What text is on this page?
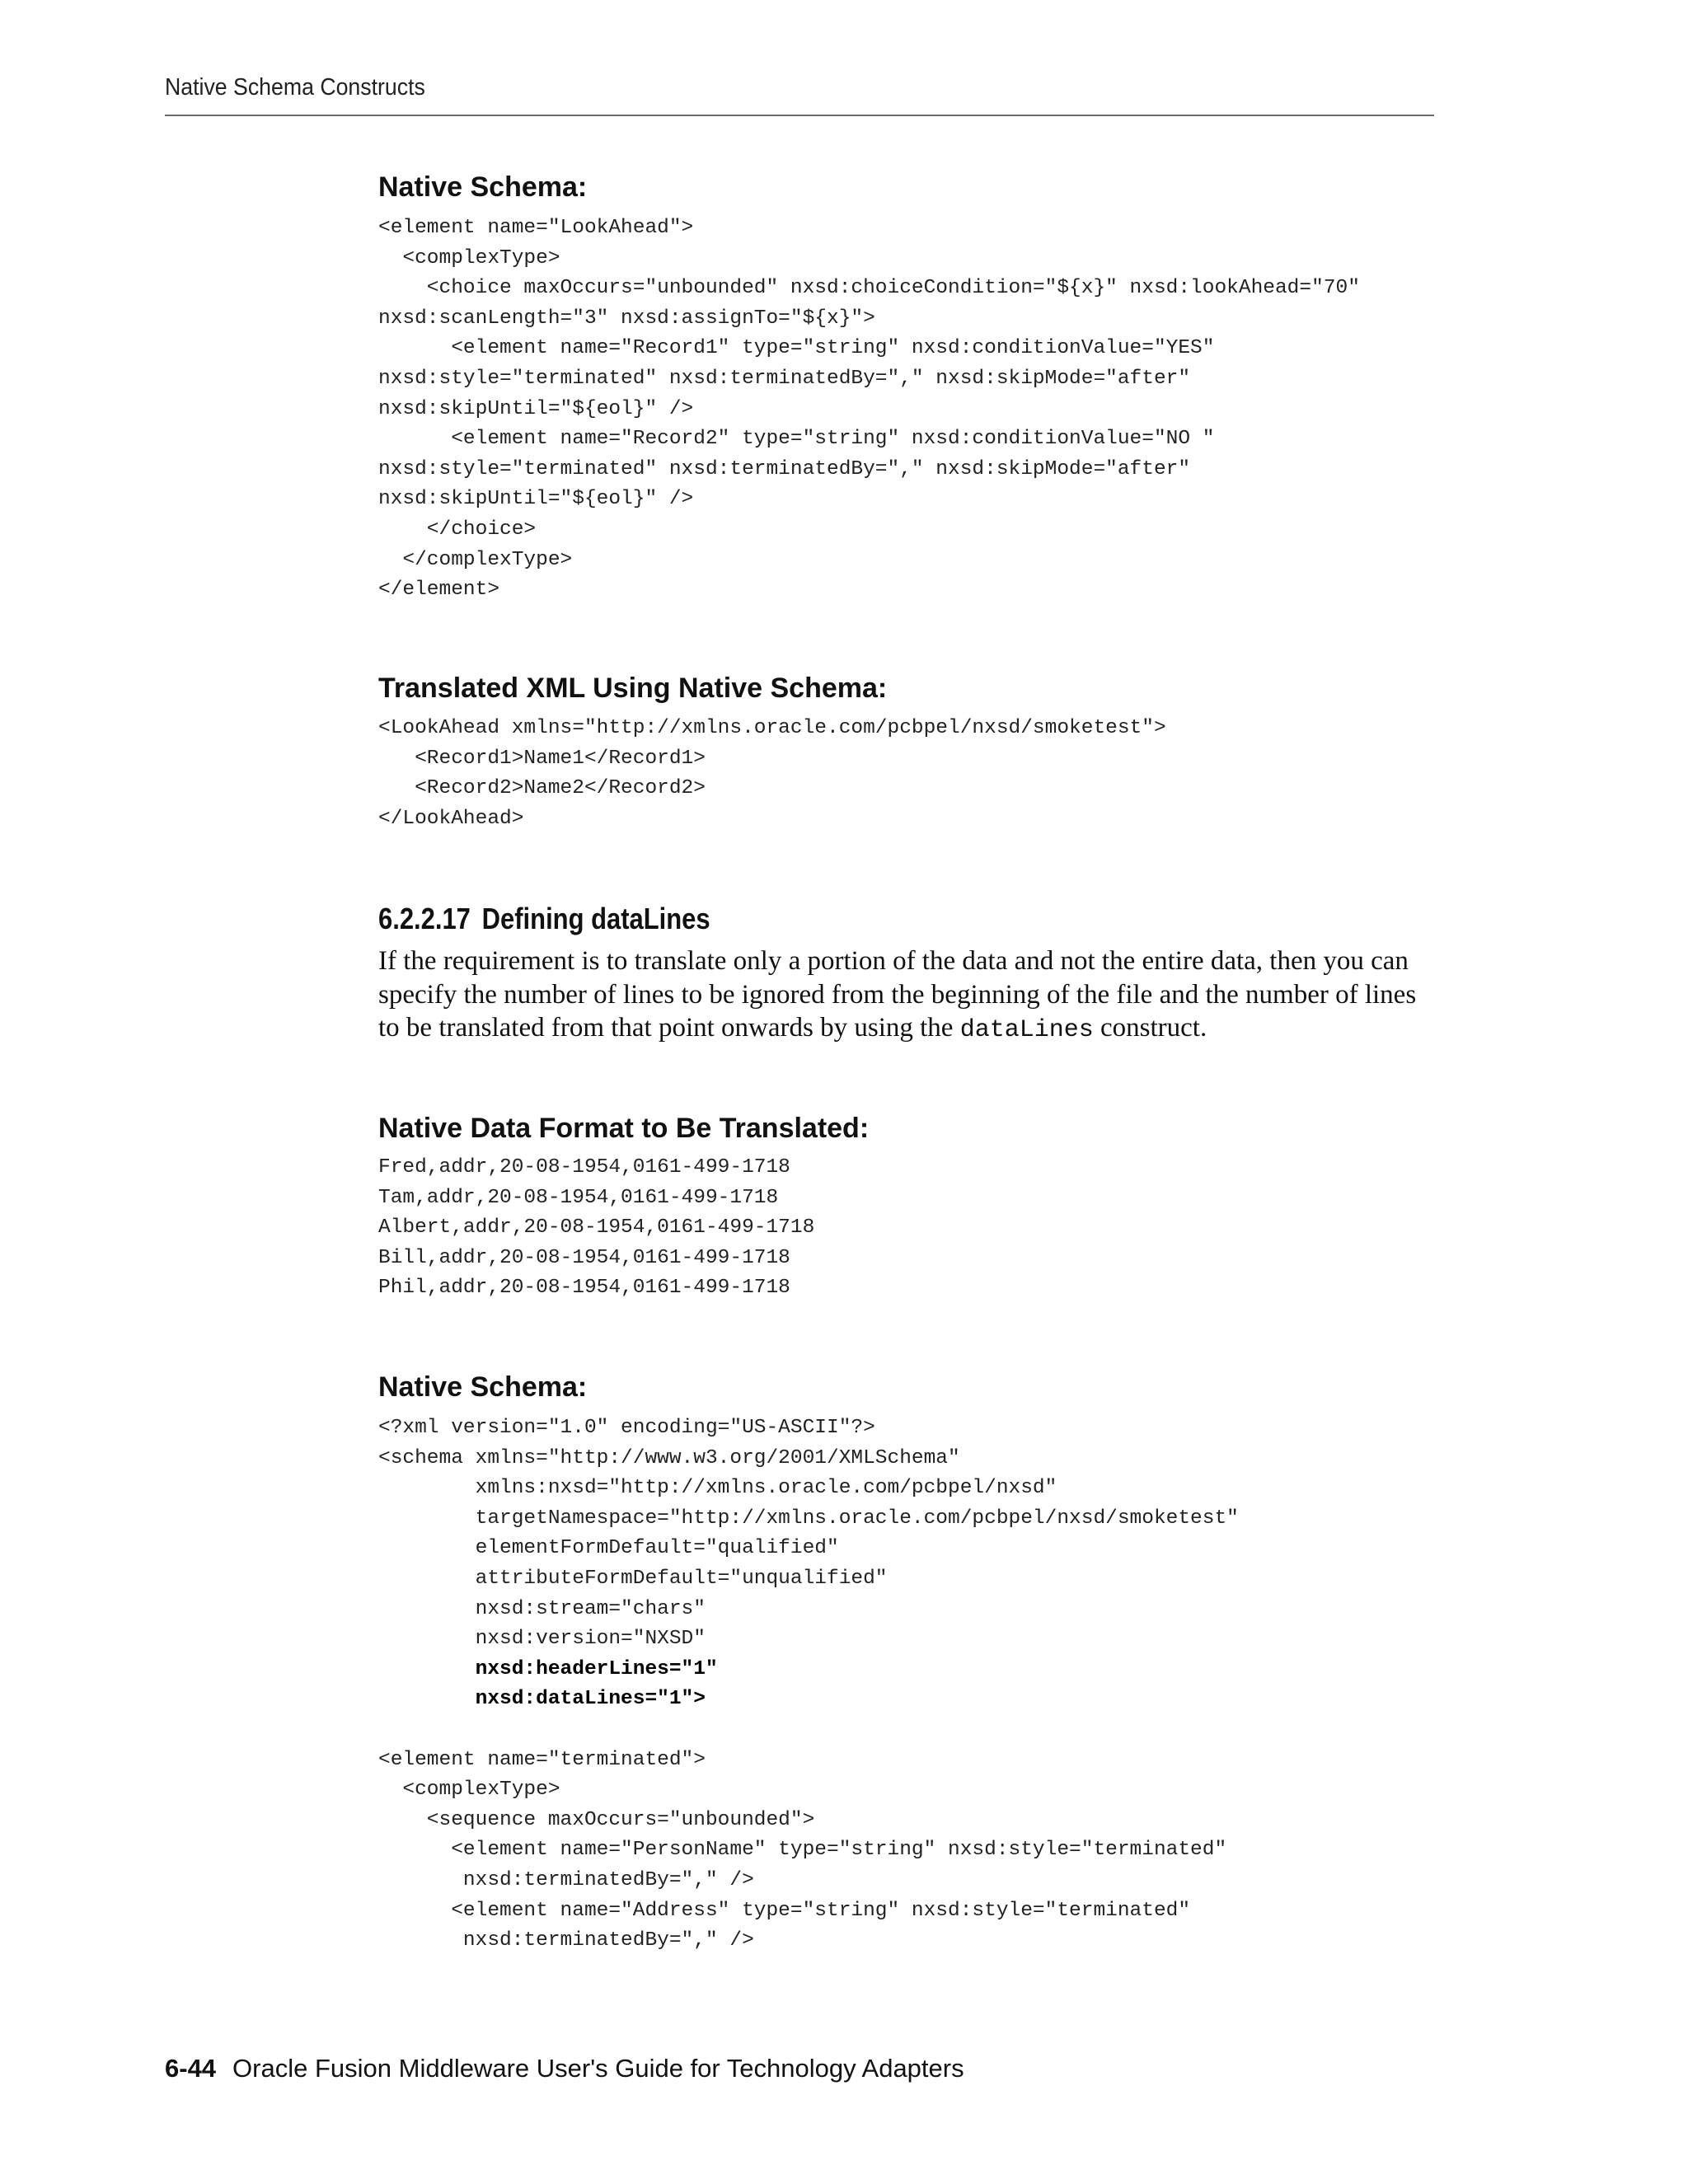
Native Schema Constructs
Native Schema:
<element name="LookAhead">
<complexType>
<choice maxOccurs="unbounded" nxsd:choiceCondition="${x}" nxsd:lookAhead="70"
nxsd:scanLength="3" nxsd:assignTo="${x}">
<element name="Record1" type="string" nxsd:conditionValue="YES"
nxsd:style="terminated" nxsd:terminatedBy="," nxsd:skipMode="after"
nxsd:skipUntil="${eol}" />
<element name="Record2" type="string" nxsd:conditionValue="NO "
nxsd:style="terminated" nxsd:terminatedBy="," nxsd:skipMode="after"
nxsd:skipUntil="${eol}" />
</choice>
</complexType>
</element>
Translated XML Using Native Schema:
<LookAhead xmlns="http://xmlns.oracle.com/pcbpel/nxsd/smoketest">
<Record1>Name1</Record1>
<Record2>Name2</Record2>
</LookAhead>
6.2.2.17 Defining dataLines

If the requirement is to translate only a portion of the data and not the entire data, then you can specify the number of lines to be ignored from the beginning of the file and the number of lines to be translated from that point onwards by using the dataLines construct.

Native Data Format to Be Translated:
Fred,addr,20-08-1954,0161-499-1718
Tam,addr,20-08-1954,0161-499-1718
Albert,addr,20-08-1954,0161-499-1718
Bill,addr,20-08-1954,0161-499-1718
Phil,addr,20-08-1954,0161-499-1718
Native Schema:
<?xml version="1.0" encoding="US-ASCII"?>
<schema xmlns="http://www.w3.org/2001/XMLSchema"
xmlns:nxsd="http://xmlns.oracle.com/pcbpel/nxsd"
targetNamespace="http://xmlns.oracle.com/pcbpel/nxsd/smoketest"
elementFormDefault="qualified"
attributeFormDefault="unqualified"
nxsd:stream="chars"
nxsd:version="NXSD"
nxsd:headerLines="1"
nxsd:dataLines="1">

<element name="terminated">
<complexType>
<sequence maxOccurs="unbounded">
<element name="PersonName" type="string" nxsd:style="terminated"
nxsd:terminatedBy="," />
<element name="Address" type="string" nxsd:style="terminated"
nxsd:terminatedBy="," />
6-44 Oracle Fusion Middleware User's Guide for Technology Adapters
